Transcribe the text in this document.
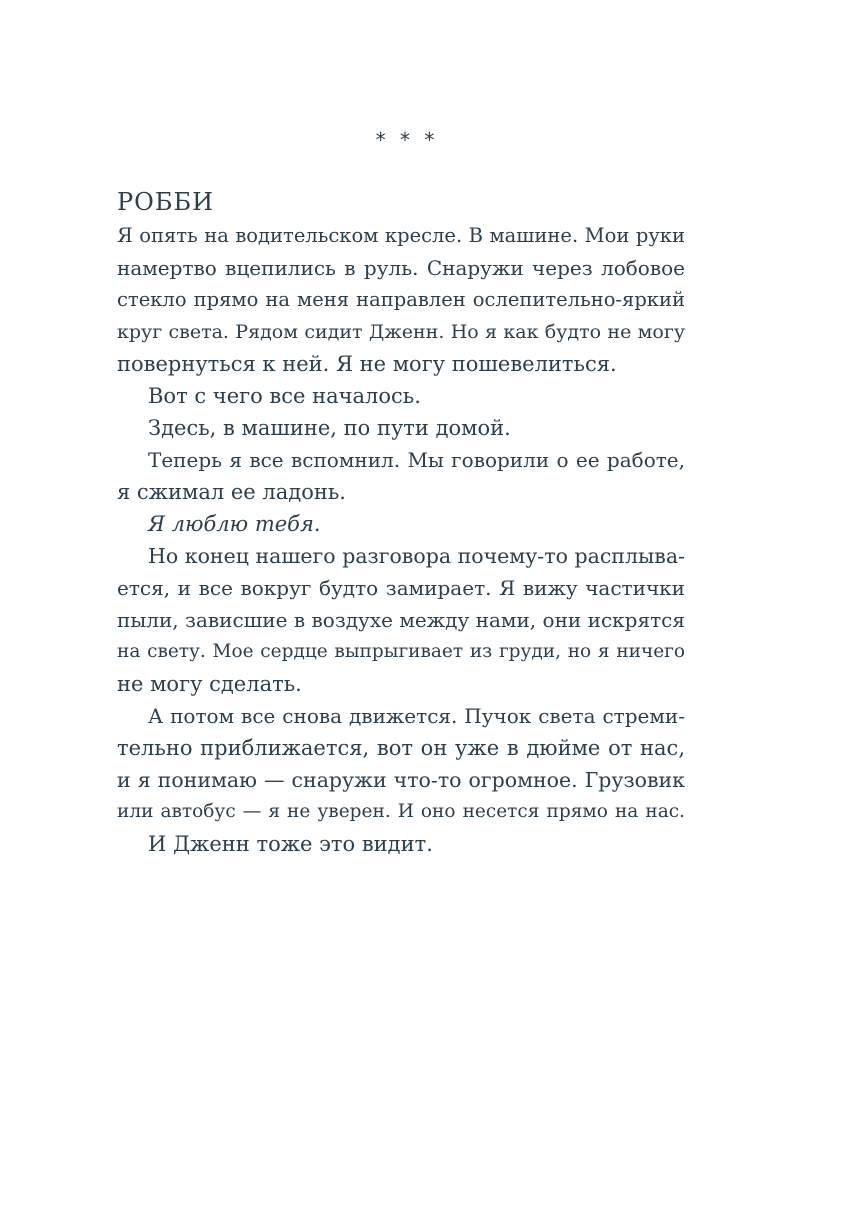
* * *
РОББИ
Я опять на водительском кресле. В машине. Мои руки
намертво вцепились в руль. Снаружи через лобовое
стекло прямо на меня направлен ослепительно-яркий
круг света. Рядом сидит Дженн. Но я как будто не могу
повернуться к ней. Я не могу пошевелиться.
Вот с чего все началось.
Здесь, в машине, по пути домой.
Теперь я все вспомнил. Мы говорили о ее работе,
я сжимал ее ладонь.
Я люблю тебя.
Но конец нашего разговора почему-то расплыва-
ется, и все вокруг будто замирает. Я вижу частички
пыли, зависшие в воздухе между нами, они искрятся
на свету. Мое сердце выпрыгивает из груди, но я ничего
не могу сделать.
А потом все снова движется. Пучок света стреми-
тельно приближается, вот он уже в дюйме от нас,
и я понимаю — снаружи что-то огромное. Грузовик
или автобус — я не уверен. И оно несется прямо на нас.
И Дженн тоже это видит.
